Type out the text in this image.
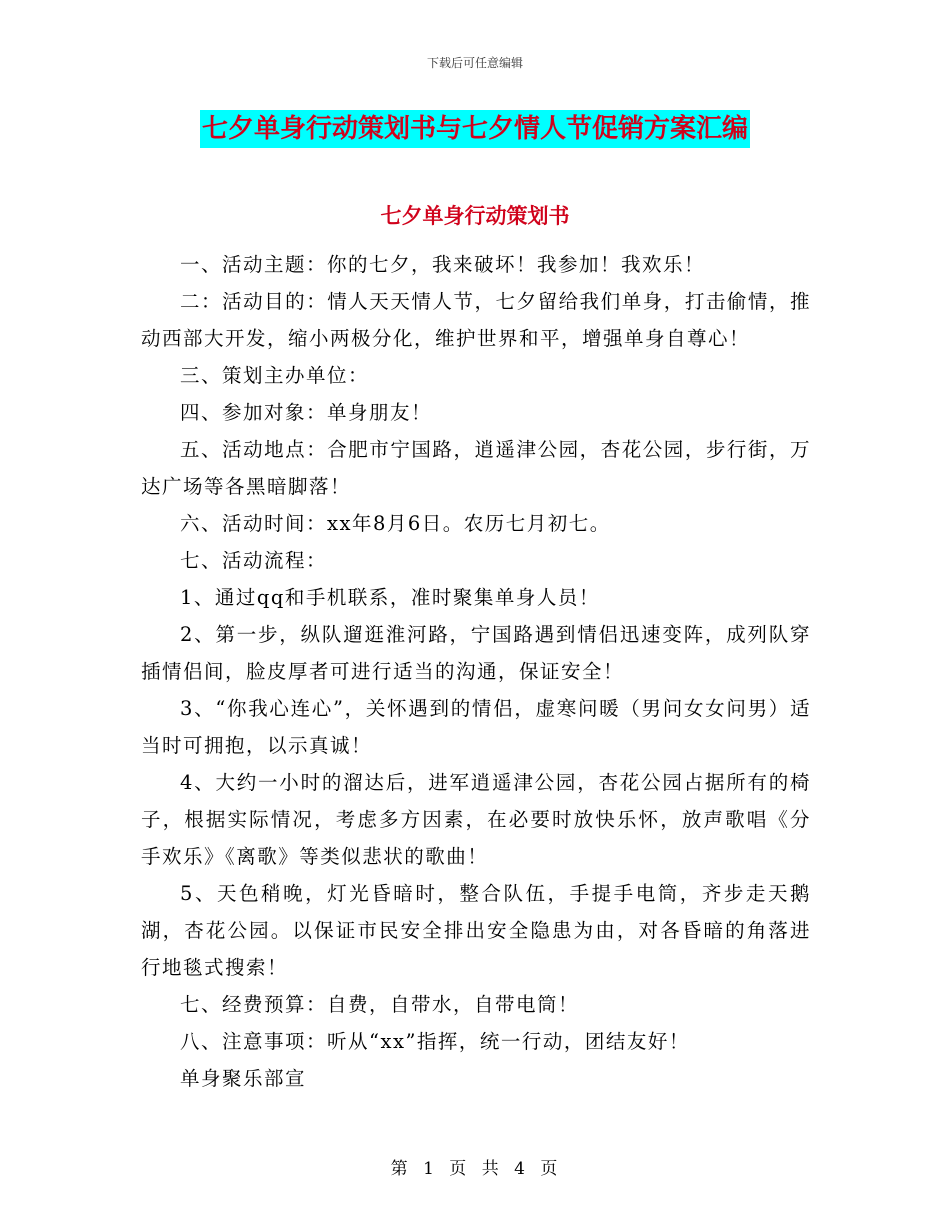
下载后可任意编辑
七夕单身行动策划书与七夕情人节促销方案汇编
七夕单身行动策划书

一、活动主题：你的七夕，我来破坏！我参加！我欢乐！

二：活动目的：情人天天情人节，七夕留给我们单身，打击偷情，推动西部大开发，缩小两极分化，维护世界和平，增强单身自尊心！

三、策划主办单位：

四、参加对象：单身朋友！

五、活动地点：合肥市宁国路，逍遥津公园，杏花公园，步行街，万达广场等各黑暗脚落！

六、活动时间：xx年8月6日。农历七月初七。

七、活动流程：

1、通过qq和手机联系，准时聚集单身人员！

2、第一步，纵队遛逛淮河路，宁国路遇到情侣迅速变阵，成列队穿插情侣间，脸皮厚者可进行适当的沟通，保证安全！

3、“你我心连心”，关怀遇到的情侣，虚寒问暖（男问女女问男）适当时可拥抱，以示真诚！

4、大约一小时的溜达后，进军逍遥津公园，杏花公园占据所有的椅子，根据实际情况，考虑多方因素，在必要时放快乐怀，放声歌唱《分手欢乐》《离歌》等类似悲状的歌曲！

5、天色稍晚，灯光昏暗时，整合队伍，手提手电筒，齐步走天鹅湖，杏花公园。以保证市民安全排出安全隐患为由，对各昏暗的角落进行地毯式搜索！

七、经费预算：自费，自带水，自带电筒！

八、注意事项：听从“xx”指挥，统一行动，团结友好！

单身聚乐部宣

第 1 页 共 4 页
